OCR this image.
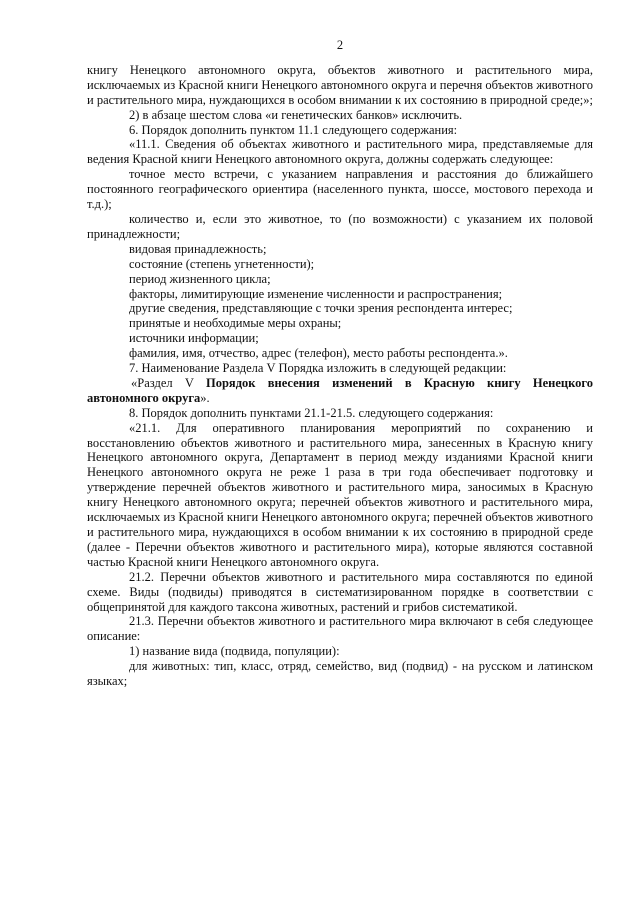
2

книгу Ненецкого автономного округа, объектов животного и растительного мира, исключаемых из Красной книги Ненецкого автономного округа и перечня объектов животного и растительного мира, нуждающихся в особом внимании к их состоянию в природной среде;»;

2) в абзаце шестом слова «и генетических банков» исключить.

6. Порядок дополнить пунктом 11.1 следующего содержания:

«11.1. Сведения об объектах животного и растительного мира, представляемые для ведения Красной книги Ненецкого автономного округа, должны содержать следующее:

точное место встречи, с указанием направления и расстояния до ближайшего постоянного географического ориентира (населенного пункта, шоссе, мостового перехода и т.д.);

количество и, если это животное, то (по возможности) с указанием их половой принадлежности;

видовая принадлежность;

состояние (степень угнетенности);

период жизненного цикла;

факторы, лимитирующие изменение численности и распространения;

другие сведения, представляющие с точки зрения респондента интерес;

принятые и необходимые меры охраны;

источники информации;

фамилия, имя, отчество, адрес (телефон), место работы респондента.».

7. Наименование Раздела V Порядка изложить в следующей редакции:

«Раздел V Порядок внесения изменений в Красную книгу Ненецкого автономного округа».

8. Порядок дополнить пунктами 21.1-21.5. следующего содержания:

«21.1. Для оперативного планирования мероприятий по сохранению и восстановлению объектов животного и растительного мира, занесенных в Красную книгу Ненецкого автономного округа, Департамент в период между изданиями Красной книги Ненецкого автономного округа не реже 1 раза в три года обеспечивает подготовку и утверждение перечней объектов животного и растительного мира, заносимых в Красную книгу Ненецкого автономного округа; перечней объектов животного и растительного мира, исключаемых из Красной книги Ненецкого автономного округа; перечней объектов животного и растительного мира, нуждающихся в особом внимании к их состоянию в природной среде (далее - Перечни объектов животного и растительного мира), которые являются составной частью Красной книги Ненецкого автономного округа.

21.2. Перечни объектов животного и растительного мира составляются по единой схеме. Виды (подвиды) приводятся в систематизированном порядке в соответствии с общепринятой для каждого таксона животных, растений и грибов систематикой.

21.3. Перечни объектов животного и растительного мира включают в себя следующее описание:

1) название вида (подвида, популяции):

для животных: тип, класс, отряд, семейство, вид (подвид) - на русском и латинском языках;
